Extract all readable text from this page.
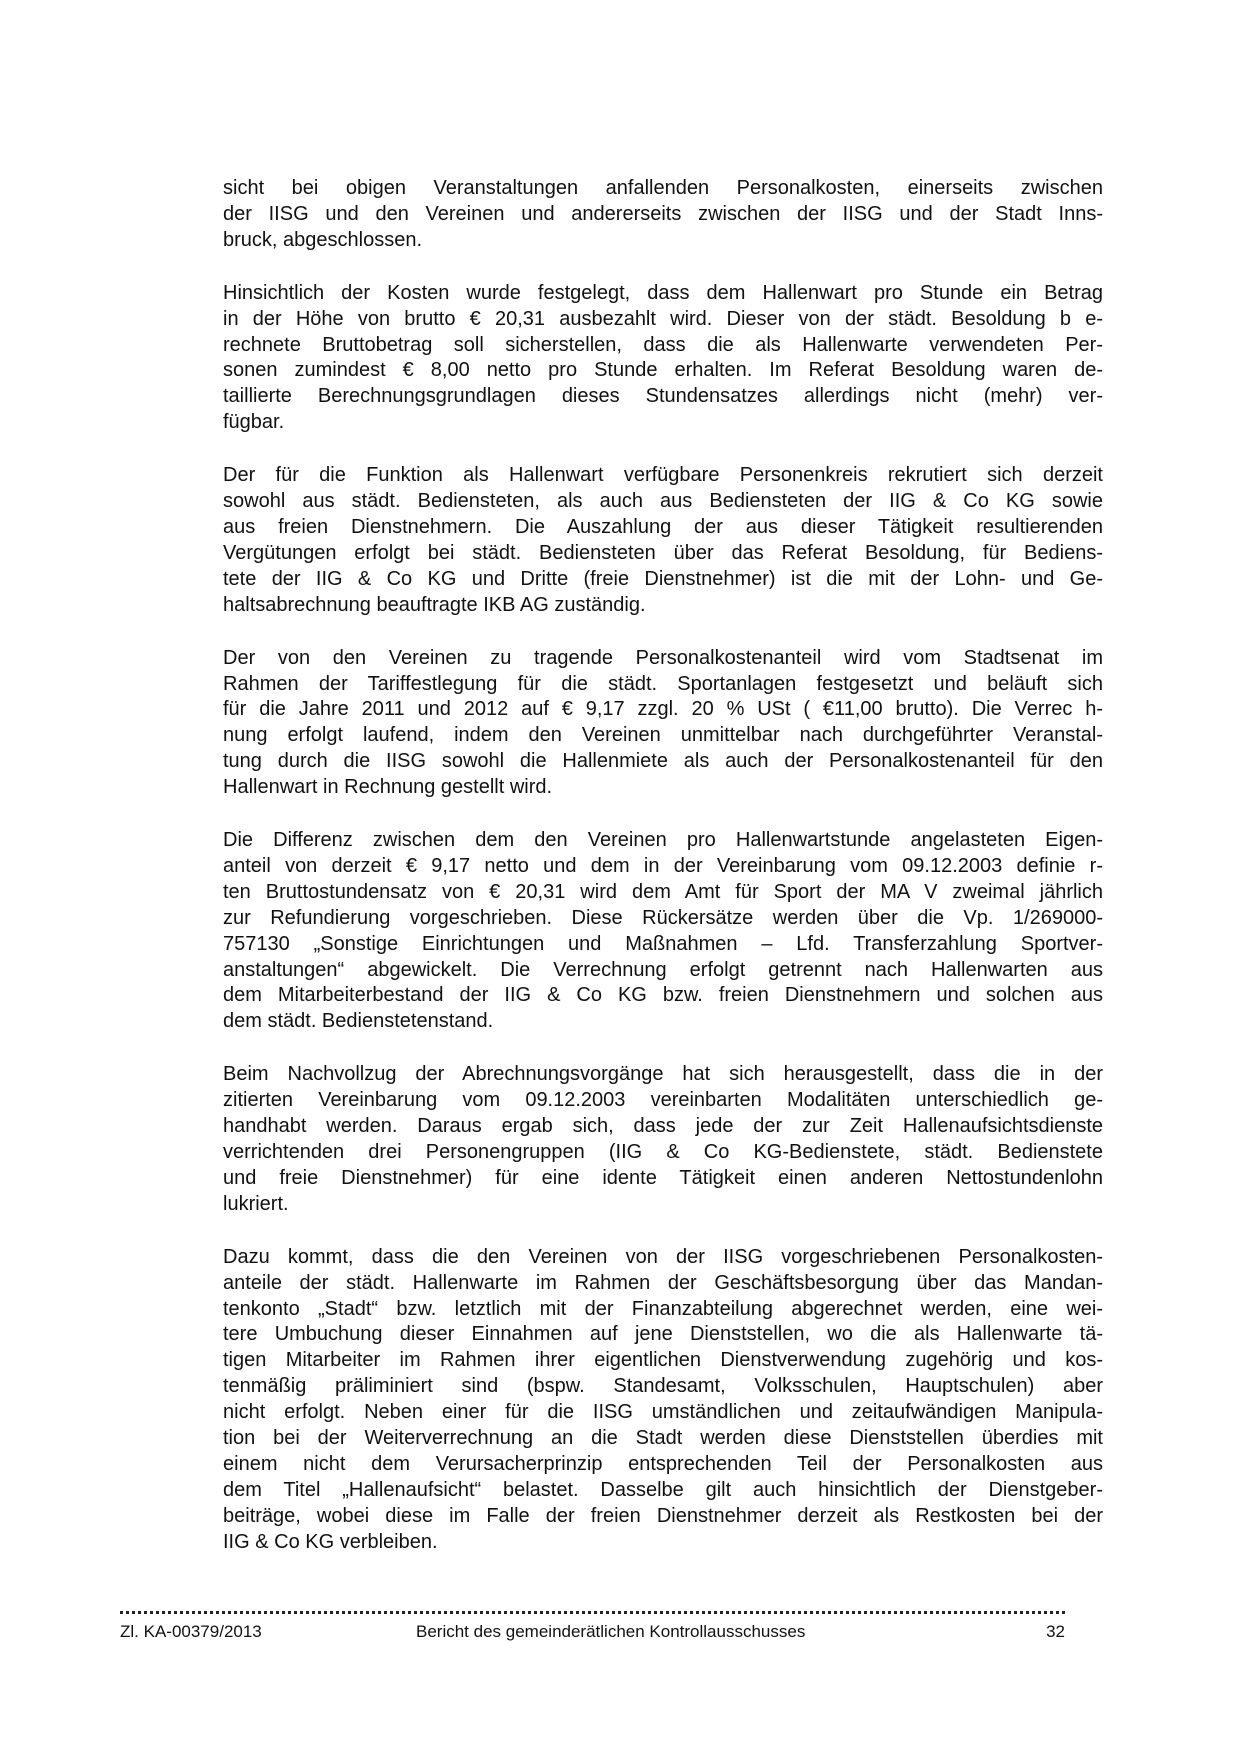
sicht bei obigen Veranstaltungen anfallenden Personalkosten, einerseits zwischen
der IISG und den Vereinen und andererseits zwischen der IISG und der Stadt Inns-
bruck, abgeschlossen.

Hinsichtlich der Kosten wurde festgelegt, dass dem Hallenwart pro Stunde ein Betrag
in der Höhe von brutto € 20,31 ausbezahlt wird. Dieser von der städt. Besoldung b e-
rechnete Bruttobetrag soll sicherstellen, dass die als Hallenwarte verwendeten Per-
sonen zumindest € 8,00 netto pro Stunde erhalten. Im Referat Besoldung waren de-
taillierte Berechnungsgrundlagen dieses Stundensatzes allerdings nicht (mehr) ver-
fügbar.

Der für die Funktion als Hallenwart verfügbare Personenkreis rekrutiert sich derzeit
sowohl aus städt. Bediensteten, als auch aus Bediensteten der IIG & Co KG sowie
aus freien Dienstnehmern. Die Auszahlung der aus dieser Tätigkeit resultierenden
Vergütungen erfolgt bei städt. Bediensteten über das Referat Besoldung, für Bediens-
tete der IIG & Co KG und Dritte (freie Dienstnehmer) ist die mit der Lohn- und Ge-
haltsabrechnung beauftragte IKB AG zuständig.

Der von den Vereinen zu tragende Personalkostenanteil wird vom Stadtsenat im
Rahmen der Tariffestlegung für die städt. Sportanlagen festgesetzt und beläuft sich
für die Jahre 2011 und 2012 auf € 9,17 zzgl. 20 % USt ( €11,00 brutto). Die Verrec h-
nung erfolgt laufend, indem den Vereinen unmittelbar nach durchgeführter Veranstal-
tung durch die IISG sowohl die Hallenmiete als auch der Personalkostenanteil für den
Hallenwart in Rechnung gestellt wird.

Die Differenz zwischen dem den Vereinen pro Hallenwartstunde angelasteten Eigen-
anteil von derzeit € 9,17 netto und dem in der Vereinbarung vom 09.12.2003 definie r-
ten Bruttostundensatz von € 20,31 wird dem Amt für Sport der MA V zweimal jährlich
zur Refundierung vorgeschrieben. Diese Rückersätze werden über die Vp. 1/269000-
757130 „Sonstige Einrichtungen und Maßnahmen – Lfd. Transferzahlung Sportver-
anstaltungen“ abgewickelt. Die Verrechnung erfolgt getrennt nach Hallenwarten aus
dem Mitarbeiterbestand der IIG & Co KG bzw. freien Dienstnehmern und solchen aus
dem städt. Bedienstetenstand.

Beim Nachvollzug der Abrechnungsvorgänge hat sich herausgestellt, dass die in der
zitierten Vereinbarung vom 09.12.2003 vereinbarten Modalitäten unterschiedlich ge-
handhabt werden. Daraus ergab sich, dass jede der zur Zeit Hallenaufsichtsdienste
verrichtenden drei Personengruppen (IIG & Co KG-Bedienstete, städt. Bedienstete
und freie Dienstnehmer) für eine idente Tätigkeit einen anderen Nettostundenlohn
lukriert.

Dazu kommt, dass die den Vereinen von der IISG vorgeschriebenen Personalkosten-
anteile der städt. Hallenwarte im Rahmen der Geschäftsbesorgung über das Mandan-
tenkonto „Stadt“ bzw. letztlich mit der Finanzabteilung abgerechnet werden, eine wei-
tere Umbuchung dieser Einnahmen auf jene Dienststellen, wo die als Hallenwarte tä-
tigen Mitarbeiter im Rahmen ihrer eigentlichen Dienstverwendung zugehörig und kos-
tenmäßig präliminiert sind (bspw. Standesamt, Volksschulen, Hauptschulen) aber
nicht erfolgt. Neben einer für die IISG umständlichen und zeitaufwändigen Manipula-
tion bei der Weiterverrechnung an die Stadt werden diese Dienststellen überdies mit
einem nicht dem Verursacherprinzip entsprechenden Teil der Personalkosten aus
dem Titel „Hallenaufsicht“ belastet. Dasselbe gilt auch hinsichtlich der Dienstgeber-
beiträge, wobei diese im Falle der freien Dienstnehmer derzeit als Restkosten bei der
IIG & Co KG verbleiben.

Zl. KA-00379/2013	Bericht des gemeinderätlichen Kontrollausschusses	32
